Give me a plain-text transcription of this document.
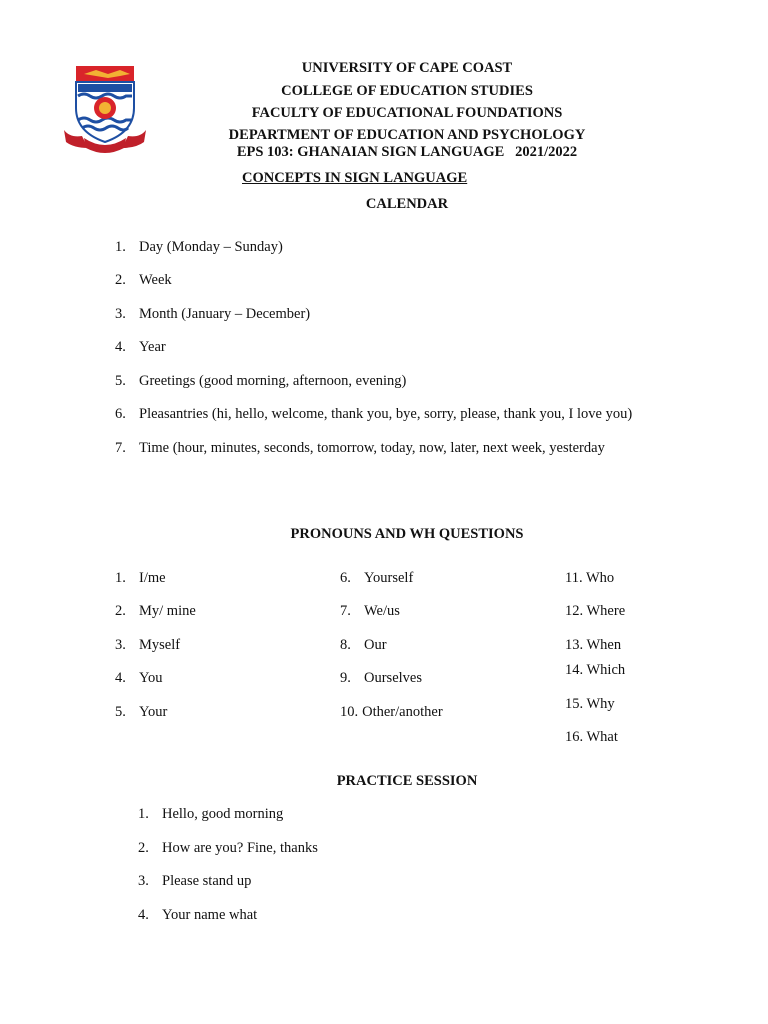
UNIVERSITY OF CAPE COAST
COLLEGE OF EDUCATION STUDIES
FACULTY OF EDUCATIONAL FOUNDATIONS
DEPARTMENT OF EDUCATION AND PSYCHOLOGY
EPS 103: GHANAIAN SIGN LANGUAGE   2021/2022
CONCEPTS IN SIGN LANGUAGE
CALENDAR
1. Day (Monday – Sunday)
2. Week
3. Month (January – December)
4. Year
5. Greetings (good morning, afternoon, evening)
6. Pleasantries (hi, hello, welcome, thank you, bye, sorry, please, thank you, I love you)
7. Time (hour, minutes, seconds, tomorrow, today, now, later, next week, yesterday
PRONOUNS AND WH QUESTIONS
1. I/me
2. My/ mine
3. Myself
4. You
5. Your
6. Yourself
7. We/us
8. Our
9. Ourselves
10. Other/another
11. Who
12. Where
13. When
14. Which
15. Why
16. What
PRACTICE SESSION
1. Hello, good morning
2. How are you? Fine, thanks
3. Please stand up
4. Your name what
